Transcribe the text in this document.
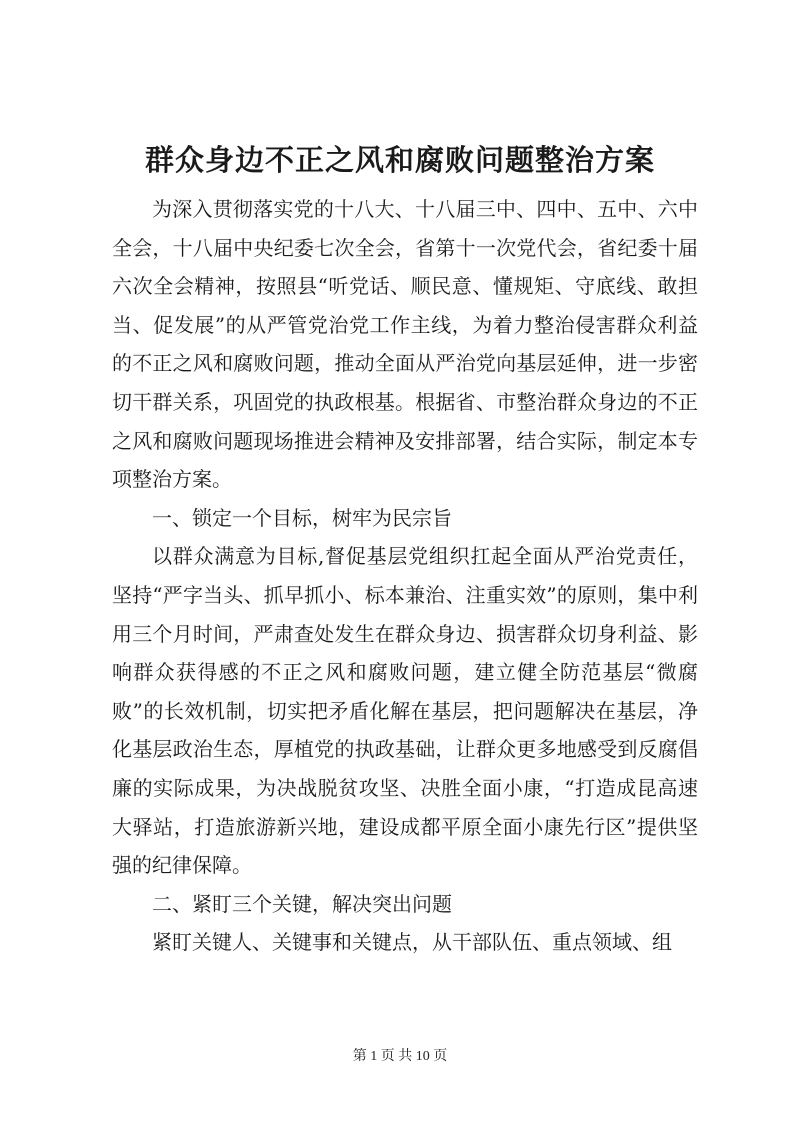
群众身边不正之风和腐败问题整治方案

为深入贯彻落实党的十八大、十八届三中、四中、五中、六中全会，十八届中央纪委七次全会，省第十一次党代会，省纪委十届六次全会精神，按照县“听党话、顺民意、懂规矩、守底线、敢担当、促发展”的从严管党治党工作主线，为着力整治侵害群众利益的不正之风和腐败问题，推动全面从严治党向基层延伸，进一步密切干群关系，巩固党的执政根基。根据省、市整治群众身边的不正之风和腐败问题现场推进会精神及安排部署，结合实际，制定本专项整治方案。

一、锁定一个目标，树牢为民宗旨

以群众满意为目标,督促基层党组织扛起全面从严治党责任，坚持“严字当头、抓早抓小、标本兼治、注重实效”的原则，集中利用三个月时间，严肃查处发生在群众身边、损害群众切身利益、影响群众获得感的不正之风和腐败问题，建立健全防范基层“微腐败”的长效机制，切实把矛盾化解在基层，把问题解决在基层，净化基层政治生态，厚植党的执政基础，让群众更多地感受到反腐倡廉的实际成果，为决战脱贫攻坚、决胜全面小康，“打造成昆高速大驿站，打造旅游新兴地，建设成都平原全面小康先行区”提供坚强的纪律保障。

二、紧盯三个关键，解决突出问题

紧盯关键人、关键事和关键点，从干部队伍、重点领域、组

第 1 页 共 10 页
